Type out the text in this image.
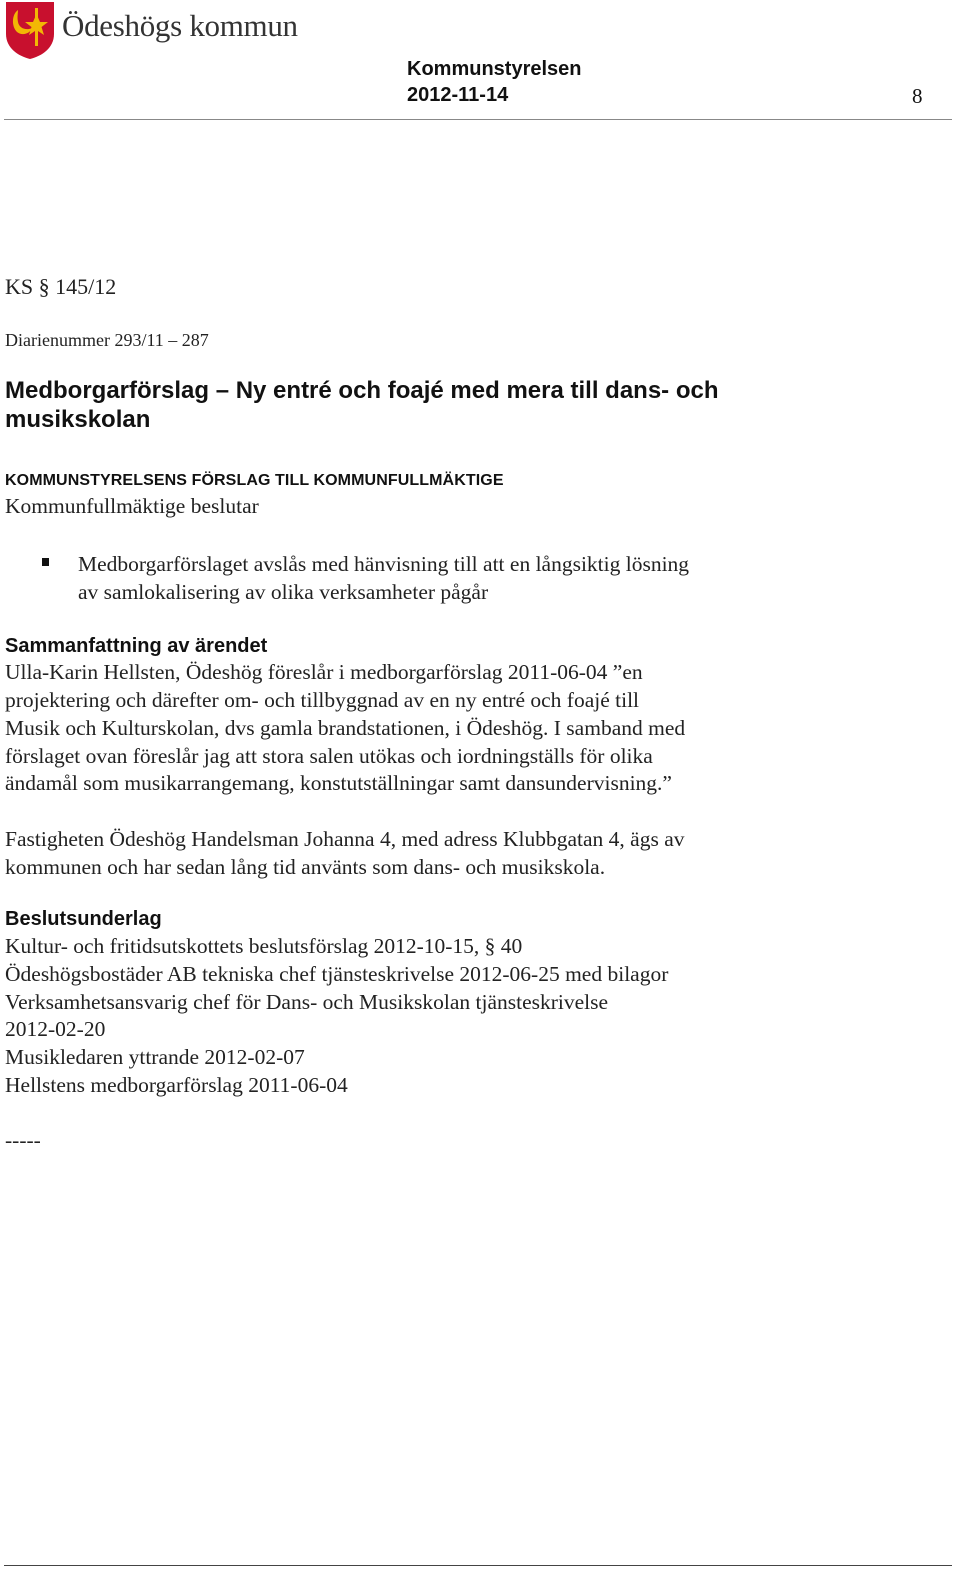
Ödeshögs kommun
Kommunstyrelsen
2012-11-14	8
KS § 145/12
Diarienummer 293/11 – 287
Medborgarförslag – Ny entré och foajé med mera till dans- och
musikskolan
KOMMUNSTYRELSENS FÖRSLAG TILL KOMMUNFULLMÄKTIGE
Kommunfullmäktige beslutar
Medborgarförslaget avslås med hänvisning till att en långsiktig lösning
av samlokalisering av olika verksamheter pågår
Sammanfattning av ärendet
Ulla-Karin Hellsten, Ödeshög föreslår i medborgarförslag 2011-06-04 ”en
projektering och därefter om- och tillbyggnad av en ny entré och foajé till
Musik och Kulturskolan, dvs gamla brandstationen, i Ödeshög. I samband med
förslaget ovan föreslår jag att stora salen utökas och iordningställs för olika
ändamål som musikarrangemang, konstutställningar samt dansundervisning.”
Fastigheten Ödeshög Handelsman Johanna 4, med adress Klubbgatan 4, ägs av
kommunen och har sedan lång tid använts som dans- och musikskola.
Beslutsunderlag
Kultur- och fritidsutskottets beslutsförslag 2012-10-15, § 40
Ödeshögsbostäder AB tekniska chef tjänsteskrivelse 2012-06-25 med bilagor
Verksamhetsansvarig chef för Dans- och Musikskolan tjänsteskrivelse
2012-02-20
Musikledaren yttrande 2012-02-07
Hellstens medborgarförslag 2011-06-04
-----
